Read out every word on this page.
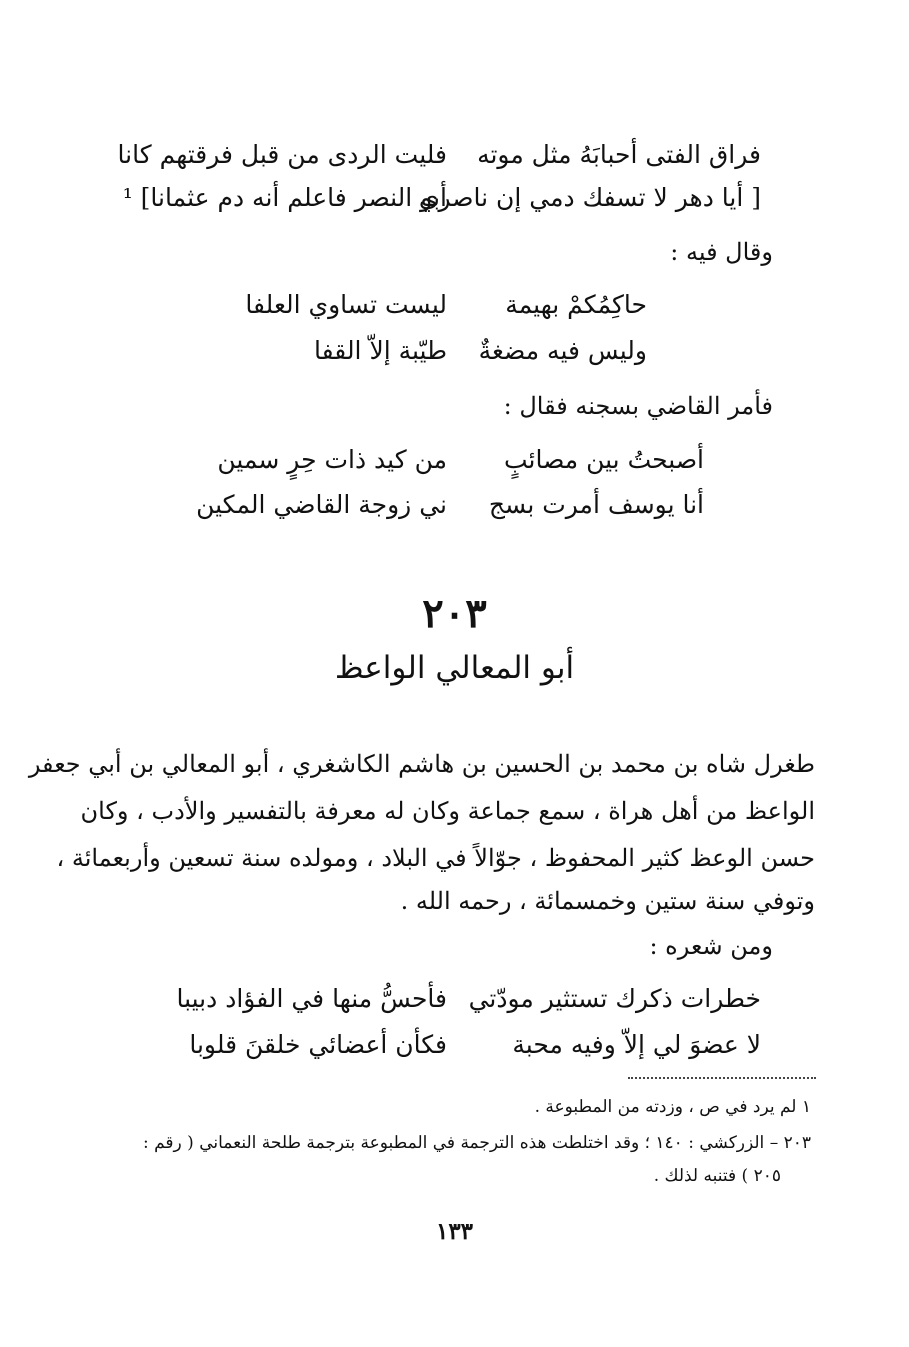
فراق الفتى أحبابَهُ مثل موته
فليت الردى من قبل فرقتهم كانا
[ أيا دهر لا تسفك دمي إن ناصري
أبو النصر فاعلم أنه دم عثمانا] ¹
وقال فيه :
حاكِمُكمْ بهيمة
ليست تساوي العلفا
وليس فيه مضغةٌ
طيّبة إلاّ القفا
فأمر القاضي بسجنه فقال :
أصبحتُ بين مصائبٍ
من كيد ذات حِرٍ سمين
أنا يوسف أمرت بسج
ني زوجة القاضي المكين
٢٠٣
أبو المعالي الواعظ
طغرل شاه بن محمد بن الحسين بن هاشم الكاشغري ، أبو المعالي بن أبي جعفر
الواعظ من أهل هراة ، سمع جماعة وكان له معرفة بالتفسير والأدب ، وكان
حسن الوعظ كثير المحفوظ ، جوّالاً في البلاد ، ومولده سنة تسعين وأربعمائة ،
وتوفي سنة ستين وخمسمائة ، رحمه الله .
ومن شعره :
خطرات ذكرك تستثير مودّتي
فأحسُّ منها في الفؤاد دبيبا
لا عضوَ لي إلاّ وفيه محبة
فكأن أعضائي خلقنَ قلوبا
١ لم يرد في ص ، وزدته من المطبوعة .
٢٠٣ – الزركشي : ١٤٠ ؛ وقد اختلطت هذه الترجمة في المطبوعة بترجمة طلحة النعماني ( رقم :
٢٠٥ ) فتنبه لذلك .
١٣٣
